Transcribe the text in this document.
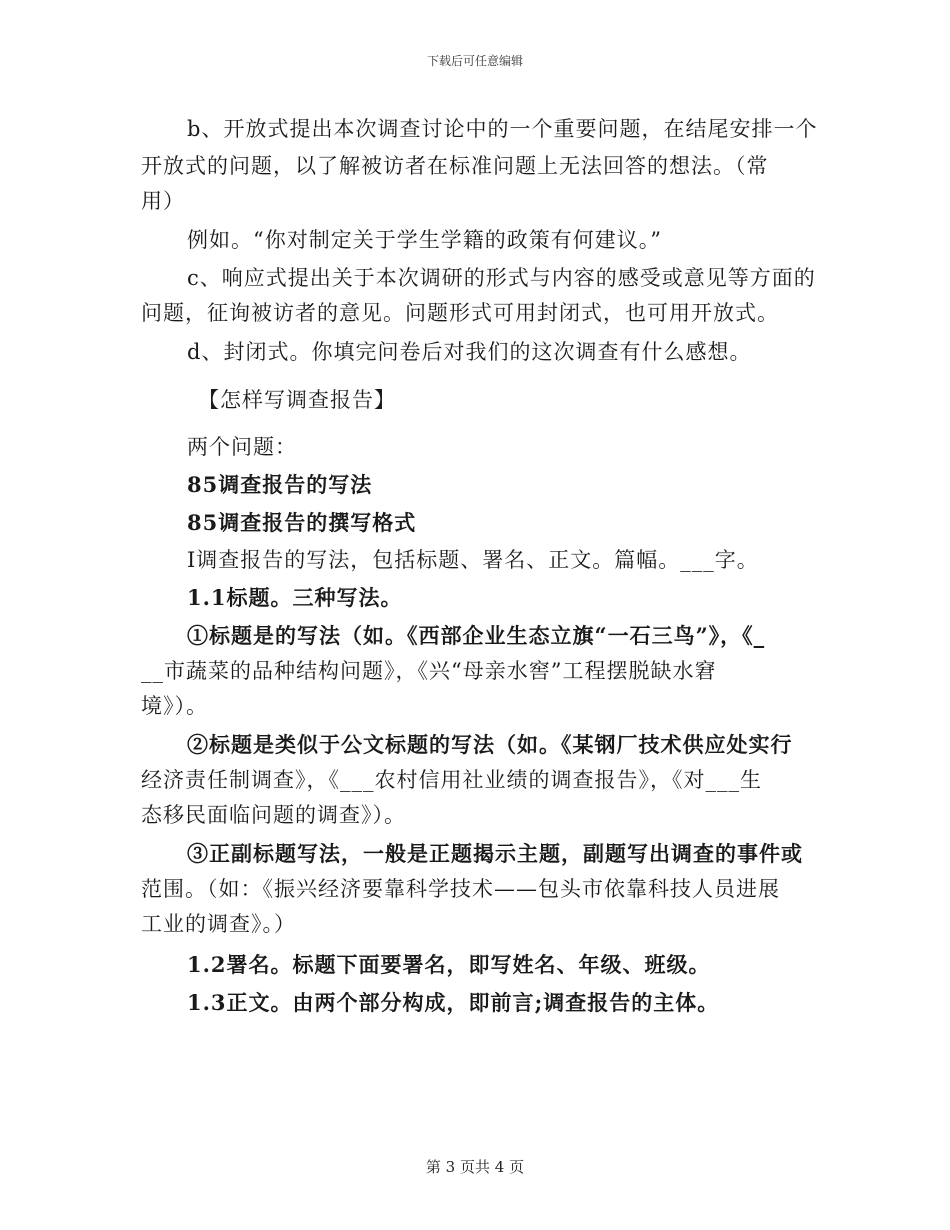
下载后可任意编辑
b、开放式提出本次调查讨论中的一个重要问题，在结尾安排一个
开放式的问题，以了解被访者在标准问题上无法回答的想法。（常
用）
例如。“你对制定关于学生学籍的政策有何建议。”
c、响应式提出关于本次调研的形式与内容的感受或意见等方面的
问题，征询被访者的意见。问题形式可用封闭式，也可用开放式。
d、封闭式。你填完问卷后对我们的这次调查有什么感想。
【怎样写调查报告】
两个问题：
85调查报告的写法
85调查报告的撰写格式
Ⅰ调查报告的写法，包括标题、署名、正文。篇幅。___字。
1.1标题。三种写法。
①标题是的写法（如。《西部企业生态立旗“一石三鸟”》，《_
__市蔬菜的品种结构问题》，《兴“母亲水窖”工程摆脱缺水窘
境》）。
②标题是类似于公文标题的写法（如。《某钢厂技术供应处实行
经济责任制调查》，《___农村信用社业绩的调查报告》，《对___生
态移民面临问题的调查》）。
③正副标题写法，一般是正题揭示主题，副题写出调查的事件或
范围。（如：《振兴经济要靠科学技术——包头市依靠科技人员进展
工业的调查》。）
1.2署名。标题下面要署名，即写姓名、年级、班级。
1.3正文。由两个部分构成，即前言;调查报告的主体。
第 3 页共 4 页
